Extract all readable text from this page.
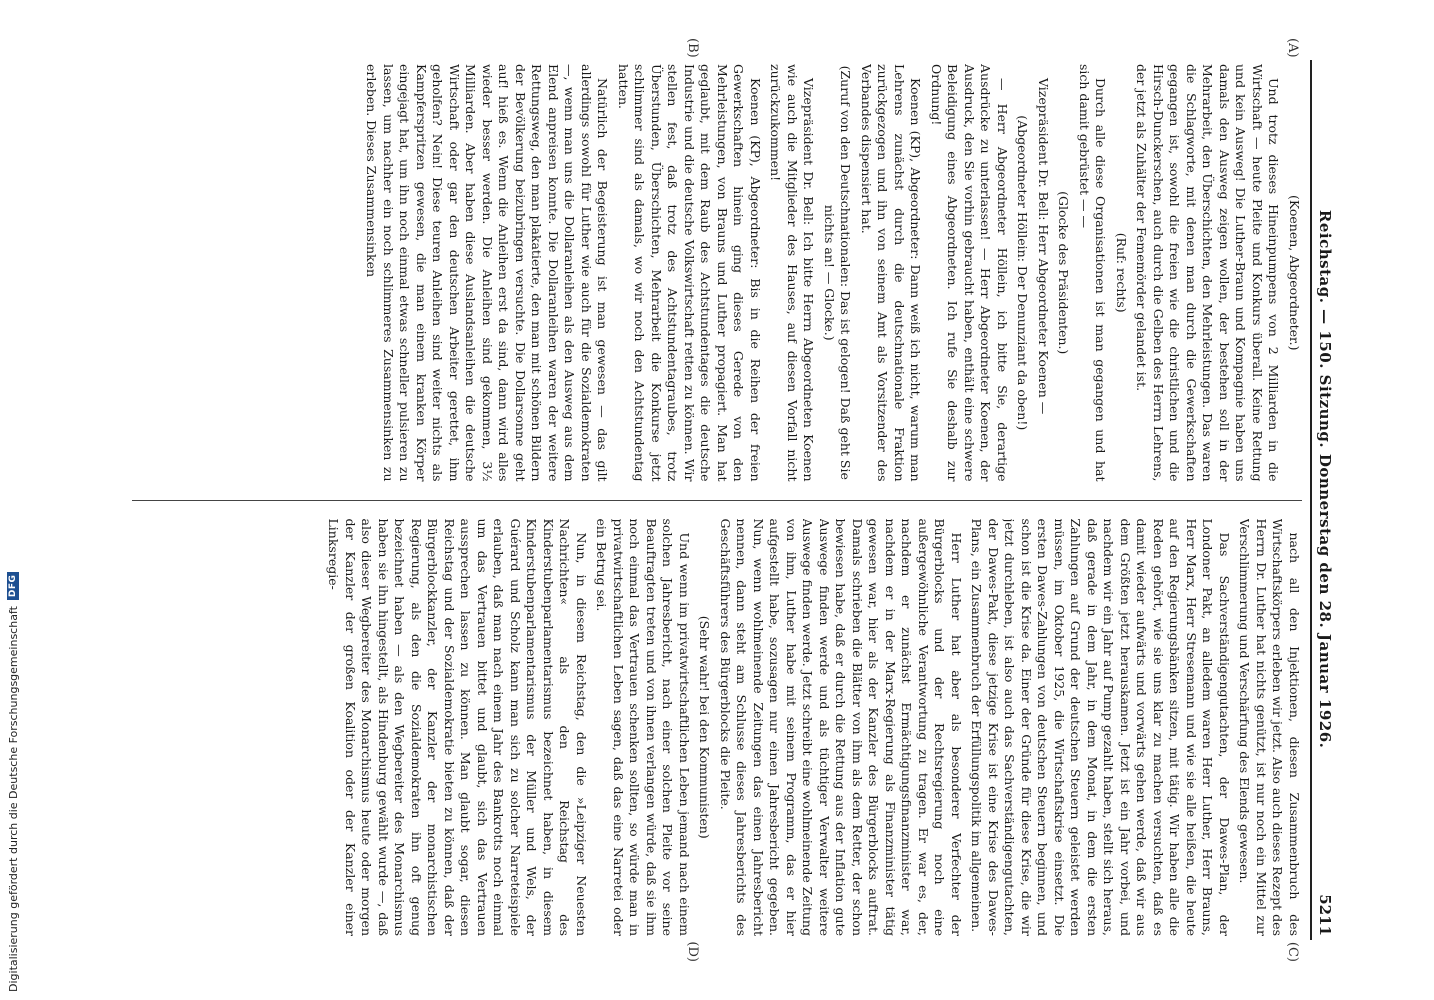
Digitalisierung gefördert durch die Deutsche Forschungsgemeinschaft
DFG	Reichstag. — 150. Sitzung. Donnerstag den 28. Januar 1926.
5211

(Koenen, Abgeordneter.)

Und trotz dieses Hineinpumpens von 2 Milliarden in die Wirtschaft — heute Pleite und Konkurs überall. Keine Rettung und kein Ausweg! Die Luther-Braun und Kompagnie haben uns damals den Ausweg zeigen wollen, der bestehen soll in der Mehrarbeit, den Überschichten, den Mehrleistungen. Das waren die Schlagworte, mit denen man durch die Gewerkschaften gegangen ist, sowohl die freien wie die christlichen und die Hirsch-Dunckerschen, auch durch die Gelben des Herrn Lehrens, der jetzt als Zuhälter der Fememörder gelandet ist.

(Ruf: rechts)

Durch alle diese Organisationen ist man gegangen und hat sich damit gebrüstet — —

(Glocke des Präsidenten.)

Vizepräsident Dr. Bell: Herr Abgeordneter Koenen —

(Abgeordneter Höllein: Der Denunziant da oben!)

— Herr Abgeordneter Höllein, ich bitte Sie, derartige Ausdrücke zu unterlassen! — Herr Abgeordneter Koenen, der Ausdruck, den Sie vorhin gebraucht haben, enthält eine schwere Beleidigung eines Abgeordneten. Ich rufe Sie deshalb zur Ordnung!

Koenen (KP), Abgeordneter: Dann weiß ich nicht, warum man Lehrens zunächst durch die deutschnationale Fraktion zurückgezogen und ihn von seinem Amt als Vorsitzender des Verbandes dispensiert hat.

(Zuruf von den Deutschnationalen: Das ist gelogen! Daß geht Sie nichts an! — Glocke.)

Vizepräsident Dr. Bell: Ich bitte Herrn Abgeordneten Koenen wie auch die Mitglieder des Hauses, auf diesen Vorfall nicht zurückzukommen!

Koenen (KP), Abgeordneter: Bis in die Reihen der freien Gewerkschaften hinein ging dieses Gerede von den Mehrleistungen, von Brauns und Luther propagiert. Man hat geglaubt, mit dem Raub des Achtstundentages die deutsche Industrie und die deutsche Volkswirtschaft retten zu können. Wir stellen fest, daß trotz des Achtstundentagraubes, trotz Überstunden, Überschichten, Mehrarbeit die Konkurse jetzt schlimmer sind als damals, wo wir noch den Achtstundentag hatten.

Natürlich der Begeisterung ist man gewesen — das gilt allerdings sowohl für Luther wie auch für die Sozialdemokraten —, wenn man uns die Dollaranleihen als den Ausweg aus dem Elend anpreisen konnte. Die Dollaranleihen waren der weitere Rettungsweg, den man plakatierte, den man mit schönen Bildern der Bevölkerung beizubringen versuchte. Die Dollarsonne geht auf! hieß es. Wenn die Anleihen erst da sind, dann wird alles wieder besser werden. Die Anleihen sind gekommen, 3½ Milliarden. Aber haben diese Auslandsanleihen die deutsche Wirtschaft oder gar den deutschen Arbeiter gerettet, ihm geholfen? Nein! Diese teuren Anleihen sind weiter nichts als Kampferspritzen gewesen, die man einem kranken Körper eingejagt hat, um ihn noch einmal etwas schneller pulsieren zu lassen, um nachher ein noch schlimmeres Zusammensinken zu erleben. Dieses Zusammensinken

nach all den Injektionen, diesen Zusammenbruch des Wirtschaftskörpers erleben wir jetzt. Also auch dieses Rezept des Herrn Dr. Luther hat nichts genützt, ist nur noch ein Mittel zur Verschlimmerung und Verschärfung des Elends gewesen.

Das Sachverständigengutachten, der Dawes-Plan, der Londoner Pakt, an alledem waren Herr Luther, Herr Brauns, Herr Marx, Herr Stresemann und wie sie alle heißen, die heute auf den Regierungsbänken sitzen, mit tätig. Wir haben alle die Reden gehört, wie sie uns klar zu machen versuchten, daß es damit wieder aufwärts und vorwärts gehen werde, daß wir aus dem Größten jetzt herauskamen. Jetzt ist ein Jahr vorbei, und nachdem wir ein Jahr auf Pump gezahlt haben, stellt sich heraus, daß gerade in dem Jahr, in dem Monat, in dem die ersten Zahlungen auf Grund der deutschen Steuern geleistet werden müssen, im Oktober 1925, die Wirtschaftskrise einsetzt. Die ersten Dawes-Zahlungen von deutschen Steuern beginnen, und schon ist die Krise da. Einer der Gründe für diese Krise, die wir jetzt durchleben, ist also auch das Sachverständigengutachten, der Dawes-Pakt, diese jetzige Krise ist eine Krise des Dawes-Plans, ein Zusammenbruch der Erfüllungspolitik im allgemeinen.

Herr Luther hat aber als besonderer Verfechter der Bürgerblocks und der Rechtsregierung noch eine außergewöhnliche Verantwortung zu tragen. Er war es, der, nachdem er zunächst Ermächtigungsfinanzminister war, nachdem er in der Marx-Regierung als Finanzminister tätig gewesen war, hier als der Kanzler des Bürgerblocks auftrat. Damals schrieben die Blätter von ihm als dem Retter, der schon bewiesen habe, daß er durch die Rettung aus der Inflation gute Auswege finden werde und als tüchtiger Verwalter weitere Auswege finden werde. Jetzt schreibt eine wohlmeinende Zeitung von ihm, Luther habe mit seinem Programm, das er hier aufgestellt habe, sozusagen nur einen Jahresbericht gegeben. Nun, wenn wohlmeinende Zeitungen das einen Jahresbericht nennen, dann steht am Schlusse dieses Jahresberichts des Geschäftsführers des Bürgerblocks die Pleite.

(Sehr wahr! bei den Kommunisten)

Und wenn im privatwirtschaftlichen Leben jemand nach einem solchen Jahresbericht, nach einer solchen Pleite vor seine Beauftragten treten und von ihnen verlangen würde, daß sie ihm noch einmal das Vertrauen schenken sollten, so würde man in privatwirtschaftlichen Leben sagen, daß das eine Narretei oder ein Betrug sei.

Nun, in diesem Reichstag, den die »Leipziger Neuesten Nachrichten« als den Reichstag des Kinderstubenparlamentarismus bezeichnet haben, in diesem Kinderstubenparlamentarismus der Müller und Wels, der Guérard und Scholz kann man sich zu solcher Narreteispiele erlauben, daß man nach einem Jahr des Bankrotts noch einmal um das Vertrauen bittet und glaubt, sich das Vertrauen aussprechen lassen zu können. Man glaubt sogar, diesen Reichstag und der Sozialdemokratie bieten zu können, daß der Bürgerblockkanzler, der Kanzler der monarchistischen Regierung, als den die Sozialdemokraten ihn oft genug bezeichnet haben — als den Wegbereiter des Monarchismus haben sie ihn hingestellt, als Hindenburg gewählt wurde —, daß also dieser Wegbereiter des Monarchismus heute oder morgen der Kanzler der großen Koalition oder der Kanzler einer Linksregie-

(A)
(B)
(C)
(D)
